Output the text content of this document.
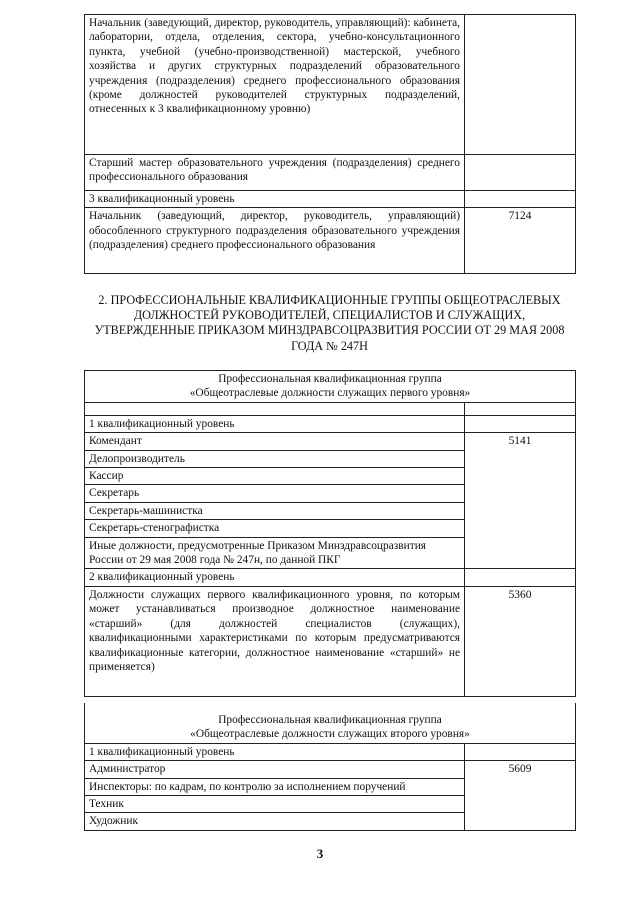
Начальник (заведующий, директор, руководитель, управляющий): кабинета, лаборатории, отдела, отделения, сектора, учебно-консультационного пункта, учебной (учебно-производственной) мастерской, учебного хозяйства и других структурных подразделений образовательного учреждения (подразделения) среднего профессионального образования (кроме должностей руководителей структурных подразделений, отнесенных к 3 квалификационному уровню)	
Старший мастер образовательного учреждения (подразделения) среднего профессионального образования	
3 квалификационный уровень	
Начальник (заведующий, директор, руководитель, управляющий) обособленного структурного подразделения образовательного учреждения (подразделения) среднего профессионального образования	7124
2. ПРОФЕССИОНАЛЬНЫЕ КВАЛИФИКАЦИОННЫЕ ГРУППЫ ОБЩЕОТРАСЛЕВЫХ ДОЛЖНОСТЕЙ РУКОВОДИТЕЛЕЙ, СПЕЦИАЛИСТОВ И СЛУЖАЩИХ, УТВЕРЖДЕННЫЕ ПРИКАЗОМ МИНЗДРАВСОЦРАЗВИТИЯ РОССИИ ОТ 29 МАЯ 2008 ГОДА № 247Н
Профессиональная квалификационная группа
«Общеотраслевые должности служащих первого уровня»	

1 квалификационный уровень	
Комендант	5141
Делопроизводитель	
Кассир	
Секретарь	
Секретарь-машинистка	
Секретарь-стенографистка	
Иные должности, предусмотренные Приказом Минздравсоцразвития России от 29 мая 2008 года № 247н, по данной ПКГ	
2 квалификационный уровень	
Должности служащих первого квалификационного уровня, по которым может устанавливаться производное должностное наименование «старший» (для должностей специалистов (служащих), квалификационными характеристиками по которым предусматриваются квалификационные категории, должностное наименование «старший» не применяется)	5360
Профессиональная квалификационная группа
«Общеотраслевые должности служащих второго уровня»	

1 квалификационный уровень	
Администратор	5609
Инспекторы: по кадрам, по контролю за исполнением поручений	
Техник	
Художник	
3
